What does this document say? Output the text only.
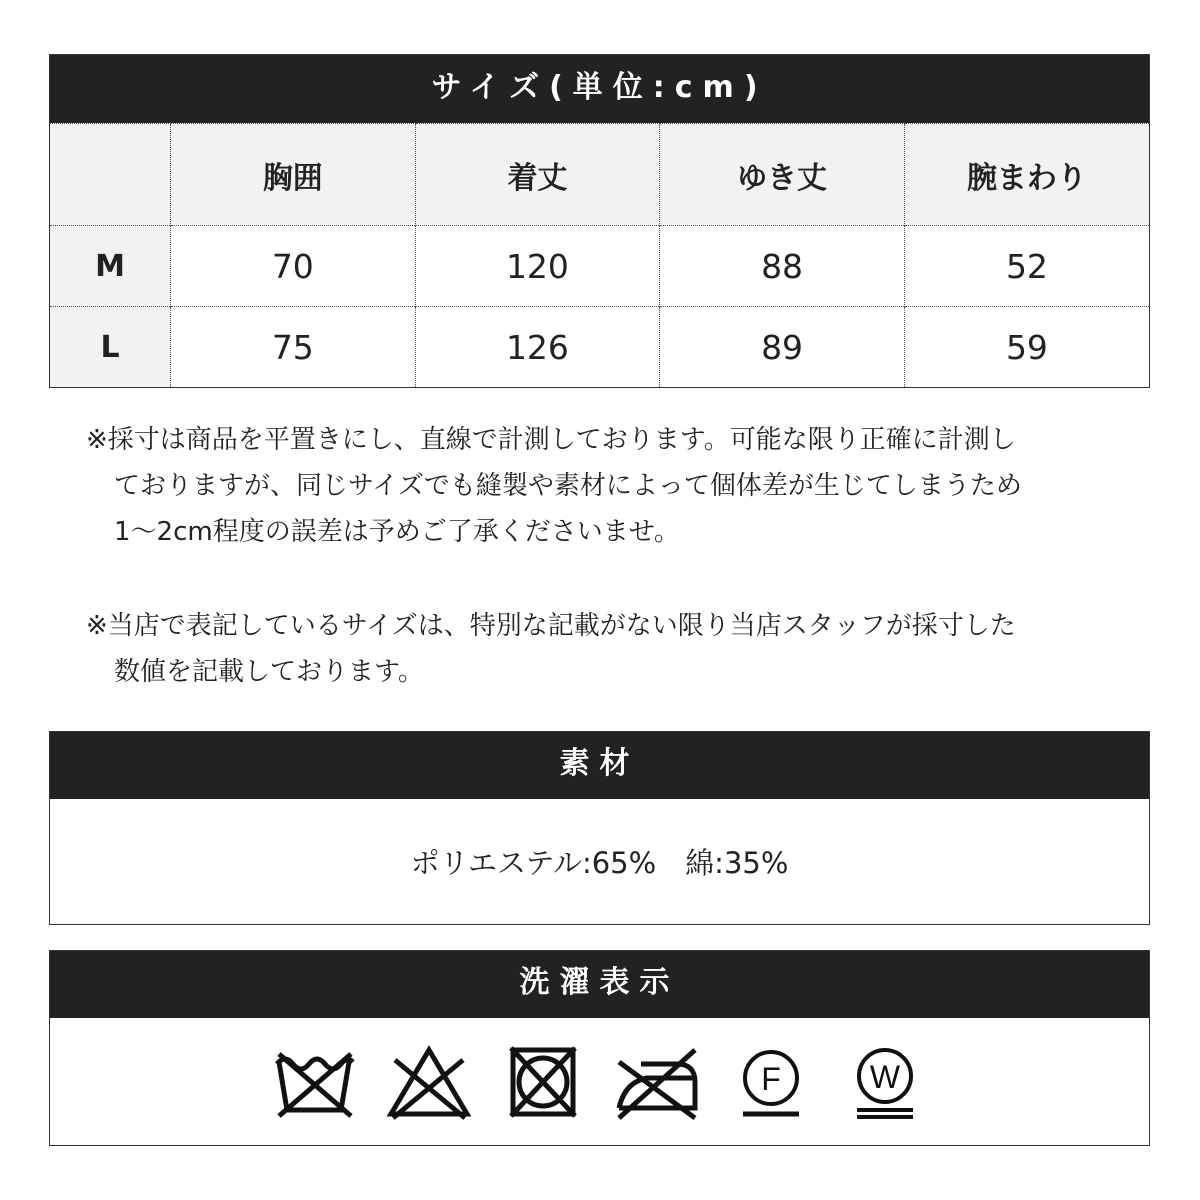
サイズ(単位:cm)
	胸囲	着丈	ゆき丈	腕まわり
M	70	120	88	52
L	75	126	89	59

※採寸は商品を平置きにし、直線で計測しております。可能な限り正確に計測し

ておりますが、同じサイズでも縫製や素材によって個体差が生じてしまうため

1〜2cm程度の誤差は予めご了承くださいませ。

※当店で表記しているサイズは、特別な記載がない限り当店スタッフが採寸した

数値を記載しております。

素材
ポリエステル:65%　綿:35%
洗濯表示
F	W
